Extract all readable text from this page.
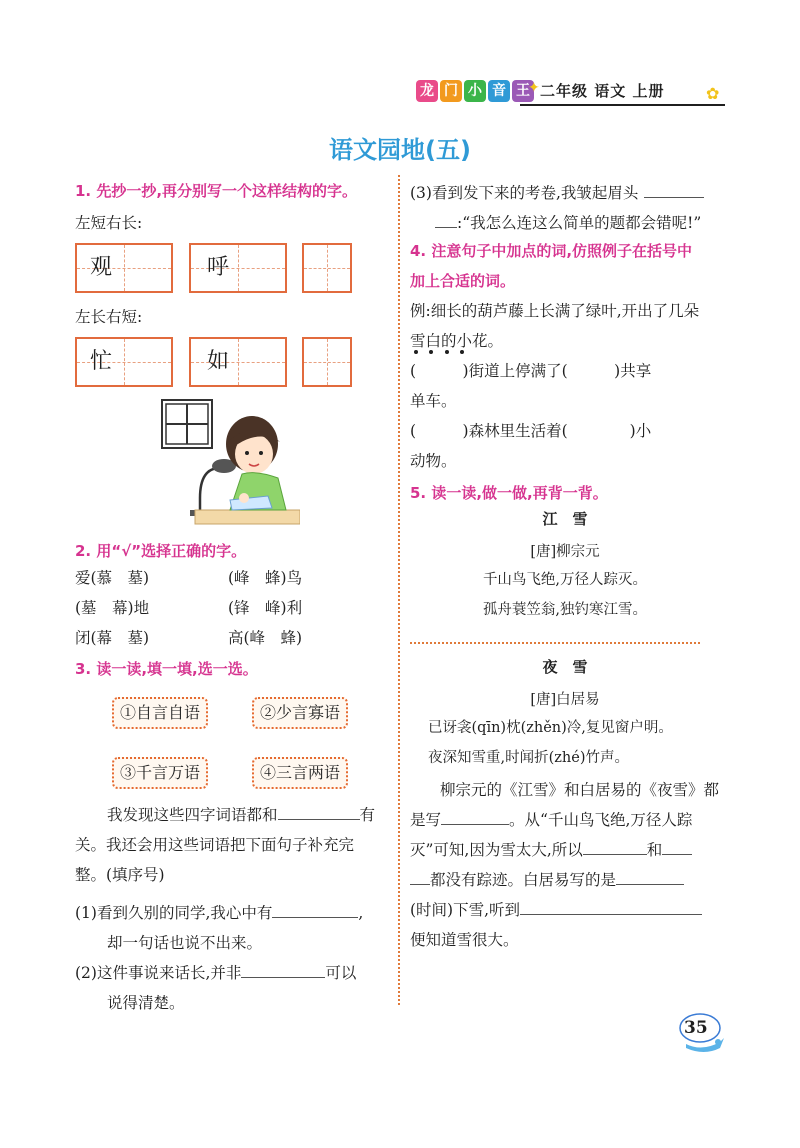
龙 门 小 音 王
✦ 二年级 语文 上册	✿
语文园地(五)
1. 先抄一抄,再分别写一个这样结构的字。
左短右长:
观	呼
左长右短:
忙	如
2. 用“√”选择正确的字。
爱(慕　墓)	(峰　蜂)鸟
(墓　幕)地	(锋　峰)利
闭(幕　墓)	高(峰　蜂)
3. 读一读,填一填,选一选。
①自言自语	②少言寡语
③千言万语	④三言两语
我发现这些四字词语都和	有
关。我还会用这些词语把下面句子补充完
整。(填序号)
(1)看到久别的同学,我心中有	,
却一句话也说不出来。
(2)这件事说来话长,并非	可以
说得清楚。
(3)看到发下来的考卷,我皱起眉头
:“我怎么连这么简单的题都会错呢!”
4. 注意句子中加点的词,仿照例子在括号中
加上合适的词。
例:细长的葫芦藤上长满了绿叶,开出了几朵
雪白的小花。
(　　　)街道上停满了(　　　)共享
单车。
(　　　)森林里生活着(　　　　)小
动物。
5. 读一读,做一做,再背一背。
江　雪
[唐]柳宗元
千山鸟飞绝,万径人踪灭。
孤舟蓑笠翁,独钓寒江雪。
夜　雪
[唐]白居易
已讶衾(qīn)枕(zhěn)冷,复见窗户明。
夜深知雪重,时闻折(zhé)竹声。
柳宗元的《江雪》和白居易的《夜雪》都
是写	。从“千山鸟飞绝,万径人踪
灭”可知,因为雪太大,所以	和
都没有踪迹。白居易写的是
(时间)下雪,听到
便知道雪很大。
35
